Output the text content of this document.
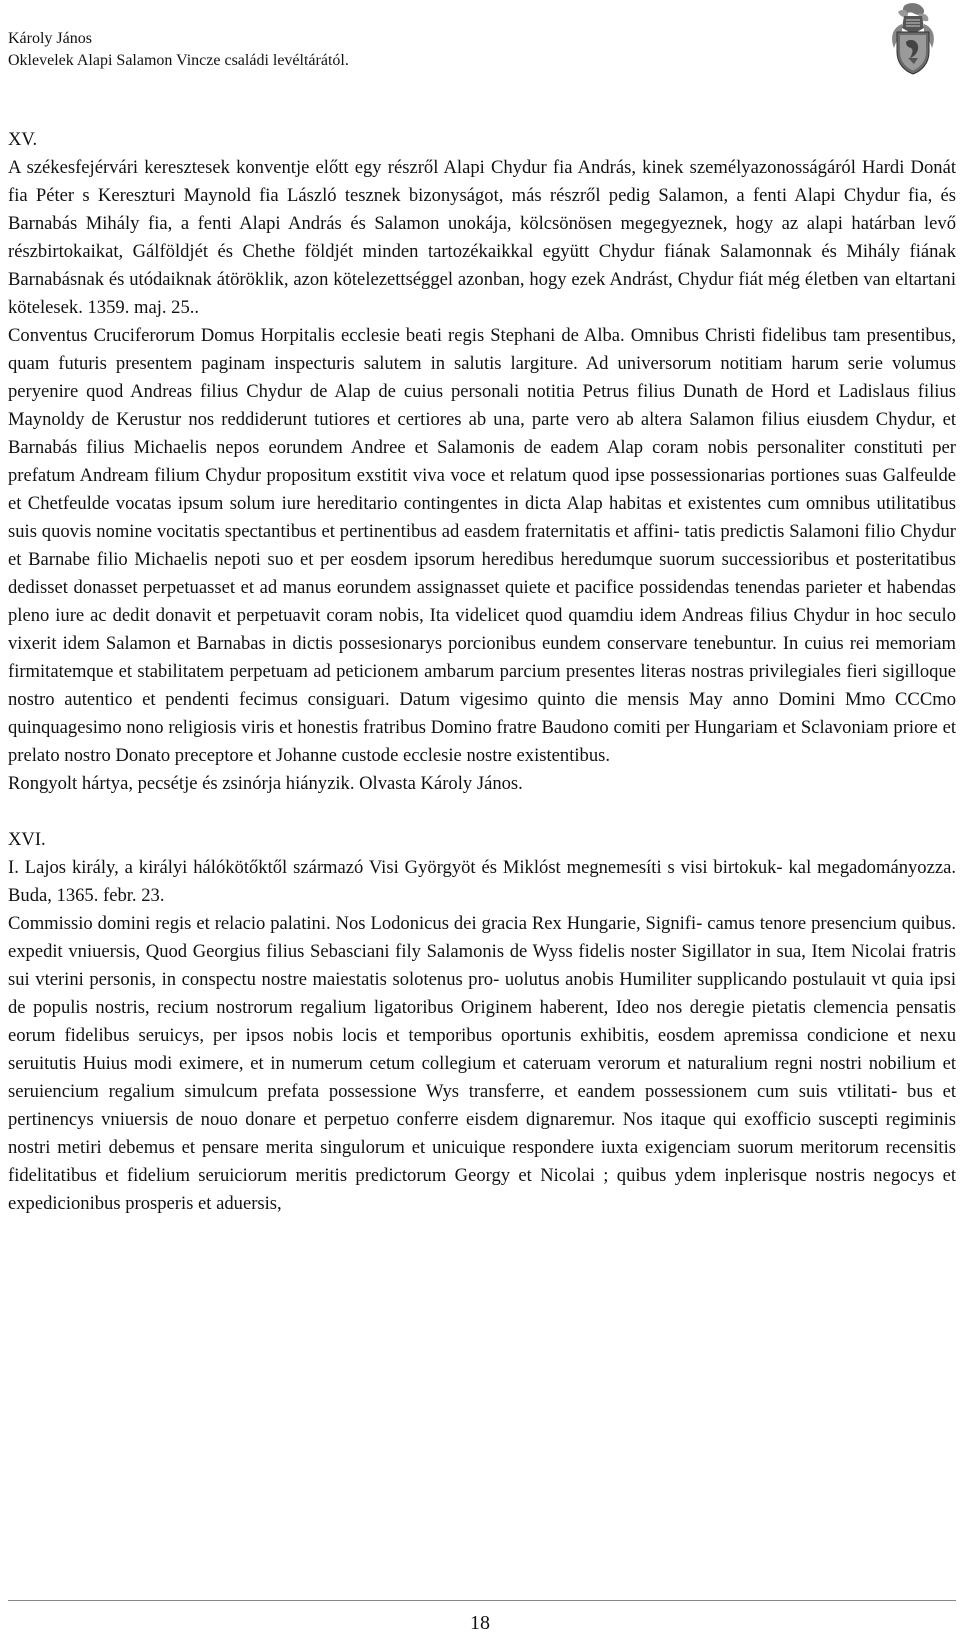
Károly János
Oklevelek Alapi Salamon Vincze családi levéltárától.

XV.

A székesfejérvári keresztesek konventje előtt egy részről Alapi Chydur fia András, kinek személyazonosságáról Hardi Donát fia Péter s Kereszturi Maynold fia László tesznek bizonyságot, más részről pedig Salamon, a fenti Alapi Chydur fia, és Barnabás Mihály fia, a fenti Alapi András és Salamon unokája, kölcsönösen megegyeznek, hogy az alapi határban levő részbirtokaikat, Gálföldjét és Chethe földjét minden tartozékaikkal együtt Chydur fiának Salamonnak és Mihály fiának Barnabásnak és utódaiknak átöröklik, azon kötelezettséggel azonban, hogy ezek Andrást, Chydur fiát még életben van eltartani kötelesek. 1359. maj. 25..

Conventus Cruciferorum Domus Horpitalis ecclesie beati regis Stephani de Alba. Omnibus Christi fidelibus tam presentibus, quam futuris presentem paginam inspecturis salutem in salutis largiture. Ad universorum notitiam harum serie volumus peryenire quod Andreas filius Chydur de Alap de cuius personali notitia Petrus filius Dunath de Hord et Ladislaus filius Maynoldy de Kerustur nos reddiderunt tutiores et certiores ab una, parte vero ab altera Salamon filius eiusdem Chydur, et Barnabás filius Michaelis nepos eorundem Andree et Salamonis de eadem Alap coram nobis personaliter constituti per prefatum Andream filium Chydur propositum exstitit viva voce et relatum quod ipse possessionarias portiones suas Galfeulde et Chetfeulde vocatas ipsum solum iure hereditario contingentes in dicta Alap habitas et existentes cum omnibus utilitatibus suis quovis nomine vocitatis spectantibus et pertinentibus ad easdem fraternitatis et affini- tatis predictis Salamoni filio Chydur et Barnabe filio Michaelis nepoti suo et per eosdem ipsorum heredibus heredumque suorum successioribus et posteritatibus dedisset donasset perpetuasset et ad manus eorundem assignasset quiete et pacifice possidendas tenendas parieter et habendas pleno iure ac dedit donavit et perpetuavit coram nobis, Ita videlicet quod quamdiu idem Andreas filius Chydur in hoc seculo vixerit idem Salamon et Barnabas in dictis possesionarys porcionibus eundem conservare tenebuntur. In cuius rei memoriam firmitatemque et stabilitatem perpetuam ad peticionem ambarum parcium presentes literas nostras privilegiales fieri sigilloque nostro autentico et pendenti fecimus consiguari. Datum vigesimo quinto die mensis May anno Domini Mmo CCCmo quinquagesimo nono religiosis viris et honestis fratribus Domino fratre Baudono comiti per Hungariam et Sclavoniam priore et prelato nostro Donato preceptore et Johanne custode ecclesie nostre existentibus.

Rongyolt hártya, pecsétje és zsinórja hiányzik. Olvasta Károly János.

XVI.

I. Lajos király, a királyi hálókötőktől származó Visi Györgyöt és Miklóst megnemesíti s visi birtokuk- kal megadományozza. Buda, 1365. febr. 23.

Commissio domini regis et relacio palatini. Nos Lodonicus dei gracia Rex Hungarie, Signifi- camus tenore presencium quibus. expedit vniuersis, Quod Georgius filius Sebasciani fily Salamonis de Wyss fidelis noster Sigillator in sua, Item Nicolai fratris sui vterini personis, in conspectu nostre maiestatis solotenus pro- uolutus anobis Humiliter supplicando postulauit vt quia ipsi de populis nostris, recium nostrorum regalium ligatoribus Originem haberent, Ideo nos deregie pietatis clemencia pensatis eorum fidelibus seruicys, per ipsos nobis locis et temporibus oportunis exhibitis, eosdem apremissa condicione et nexu seruitutis Huius modi eximere, et in numerum cetum collegium et cateruam verorum et naturalium regni nostri nobilium et seruiencium regalium simulcum prefata possessione Wys transferre, et eandem possessionem cum suis vtilitati- bus et pertinencys vniuersis de nouo donare et perpetuo conferre eisdem dignaremur. Nos itaque qui exofficio suscepti regiminis nostri metiri debemus et pensare merita singulorum et unicuique respondere iuxta exigenciam suorum meritorum recensitis fidelitatibus et fidelium seruiciorum meritis predictorum Georgy et Nicolai ; quibus ydem inplerisque nostris negocys et expedicionibus prosperis et aduersis,

18
